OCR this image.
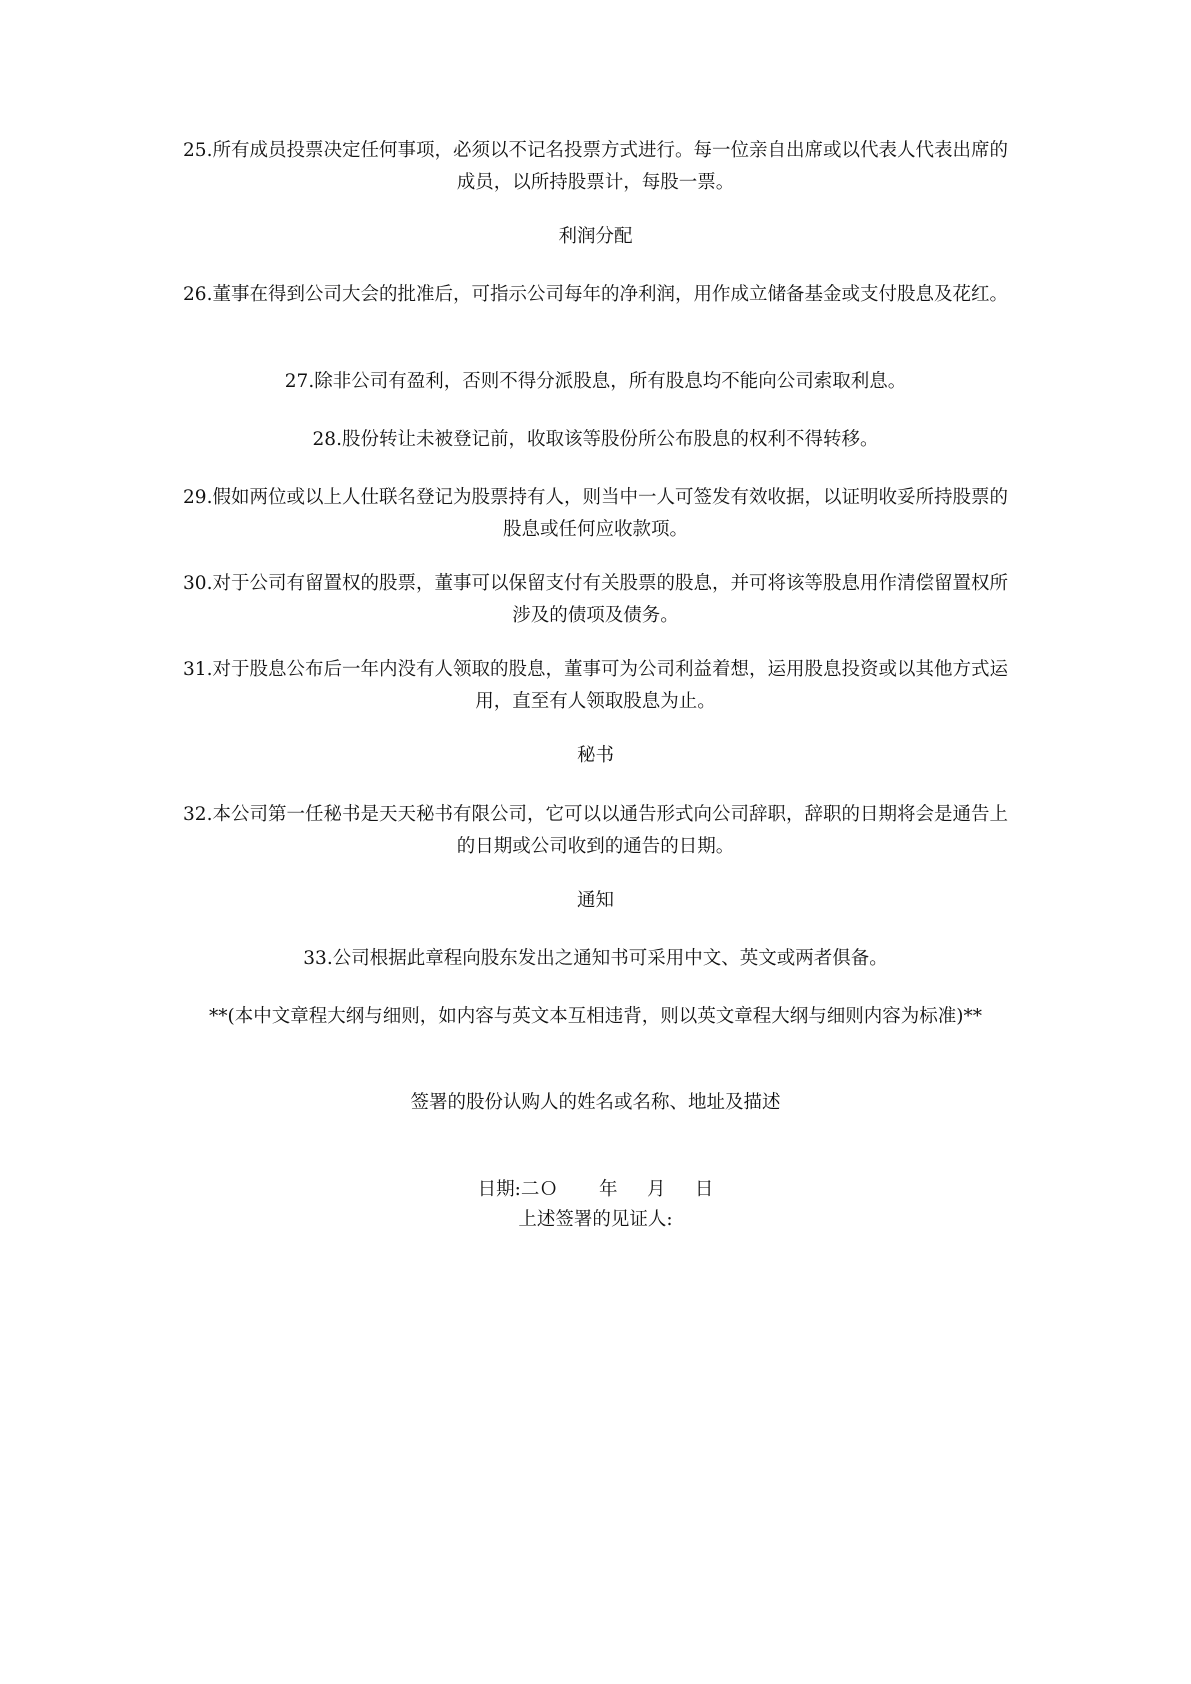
25.所有成员投票决定任何事项，必须以不记名投票方式进行。每一位亲自出席或以代表人代表出席的成员，以所持股票计，每股一票。

利润分配

26.董事在得到公司大会的批准后，可指示公司每年的净利润，用作成立储备基金或支付股息及花红。

27.除非公司有盈利，否则不得分派股息，所有股息均不能向公司索取利息。

28.股份转让未被登记前，收取该等股份所公布股息的权利不得转移。

29.假如两位或以上人仕联名登记为股票持有人，则当中一人可签发有效收据，以证明收妥所持股票的股息或任何应收款项。

30.对于公司有留置权的股票，董事可以保留支付有关股票的股息，并可将该等股息用作清偿留置权所涉及的债项及债务。

31.对于股息公布后一年内没有人领取的股息，董事可为公司利益着想，运用股息投资或以其他方式运用，直至有人领取股息为止。

秘书

32.本公司第一任秘书是天天秘书有限公司，它可以以通告形式向公司辞职，辞职的日期将会是通告上的日期或公司收到的通告的日期。

通知

33.公司根据此章程向股东发出之通知书可采用中文、英文或两者俱备。

**(本中文章程大纲与细则，如内容与英文本互相违背，则以英文章程大纲与细则内容为标准)**

签署的股份认购人的姓名或名称、地址及描述

日期:二Ｏ       年     月     日

上述签署的见证人:
